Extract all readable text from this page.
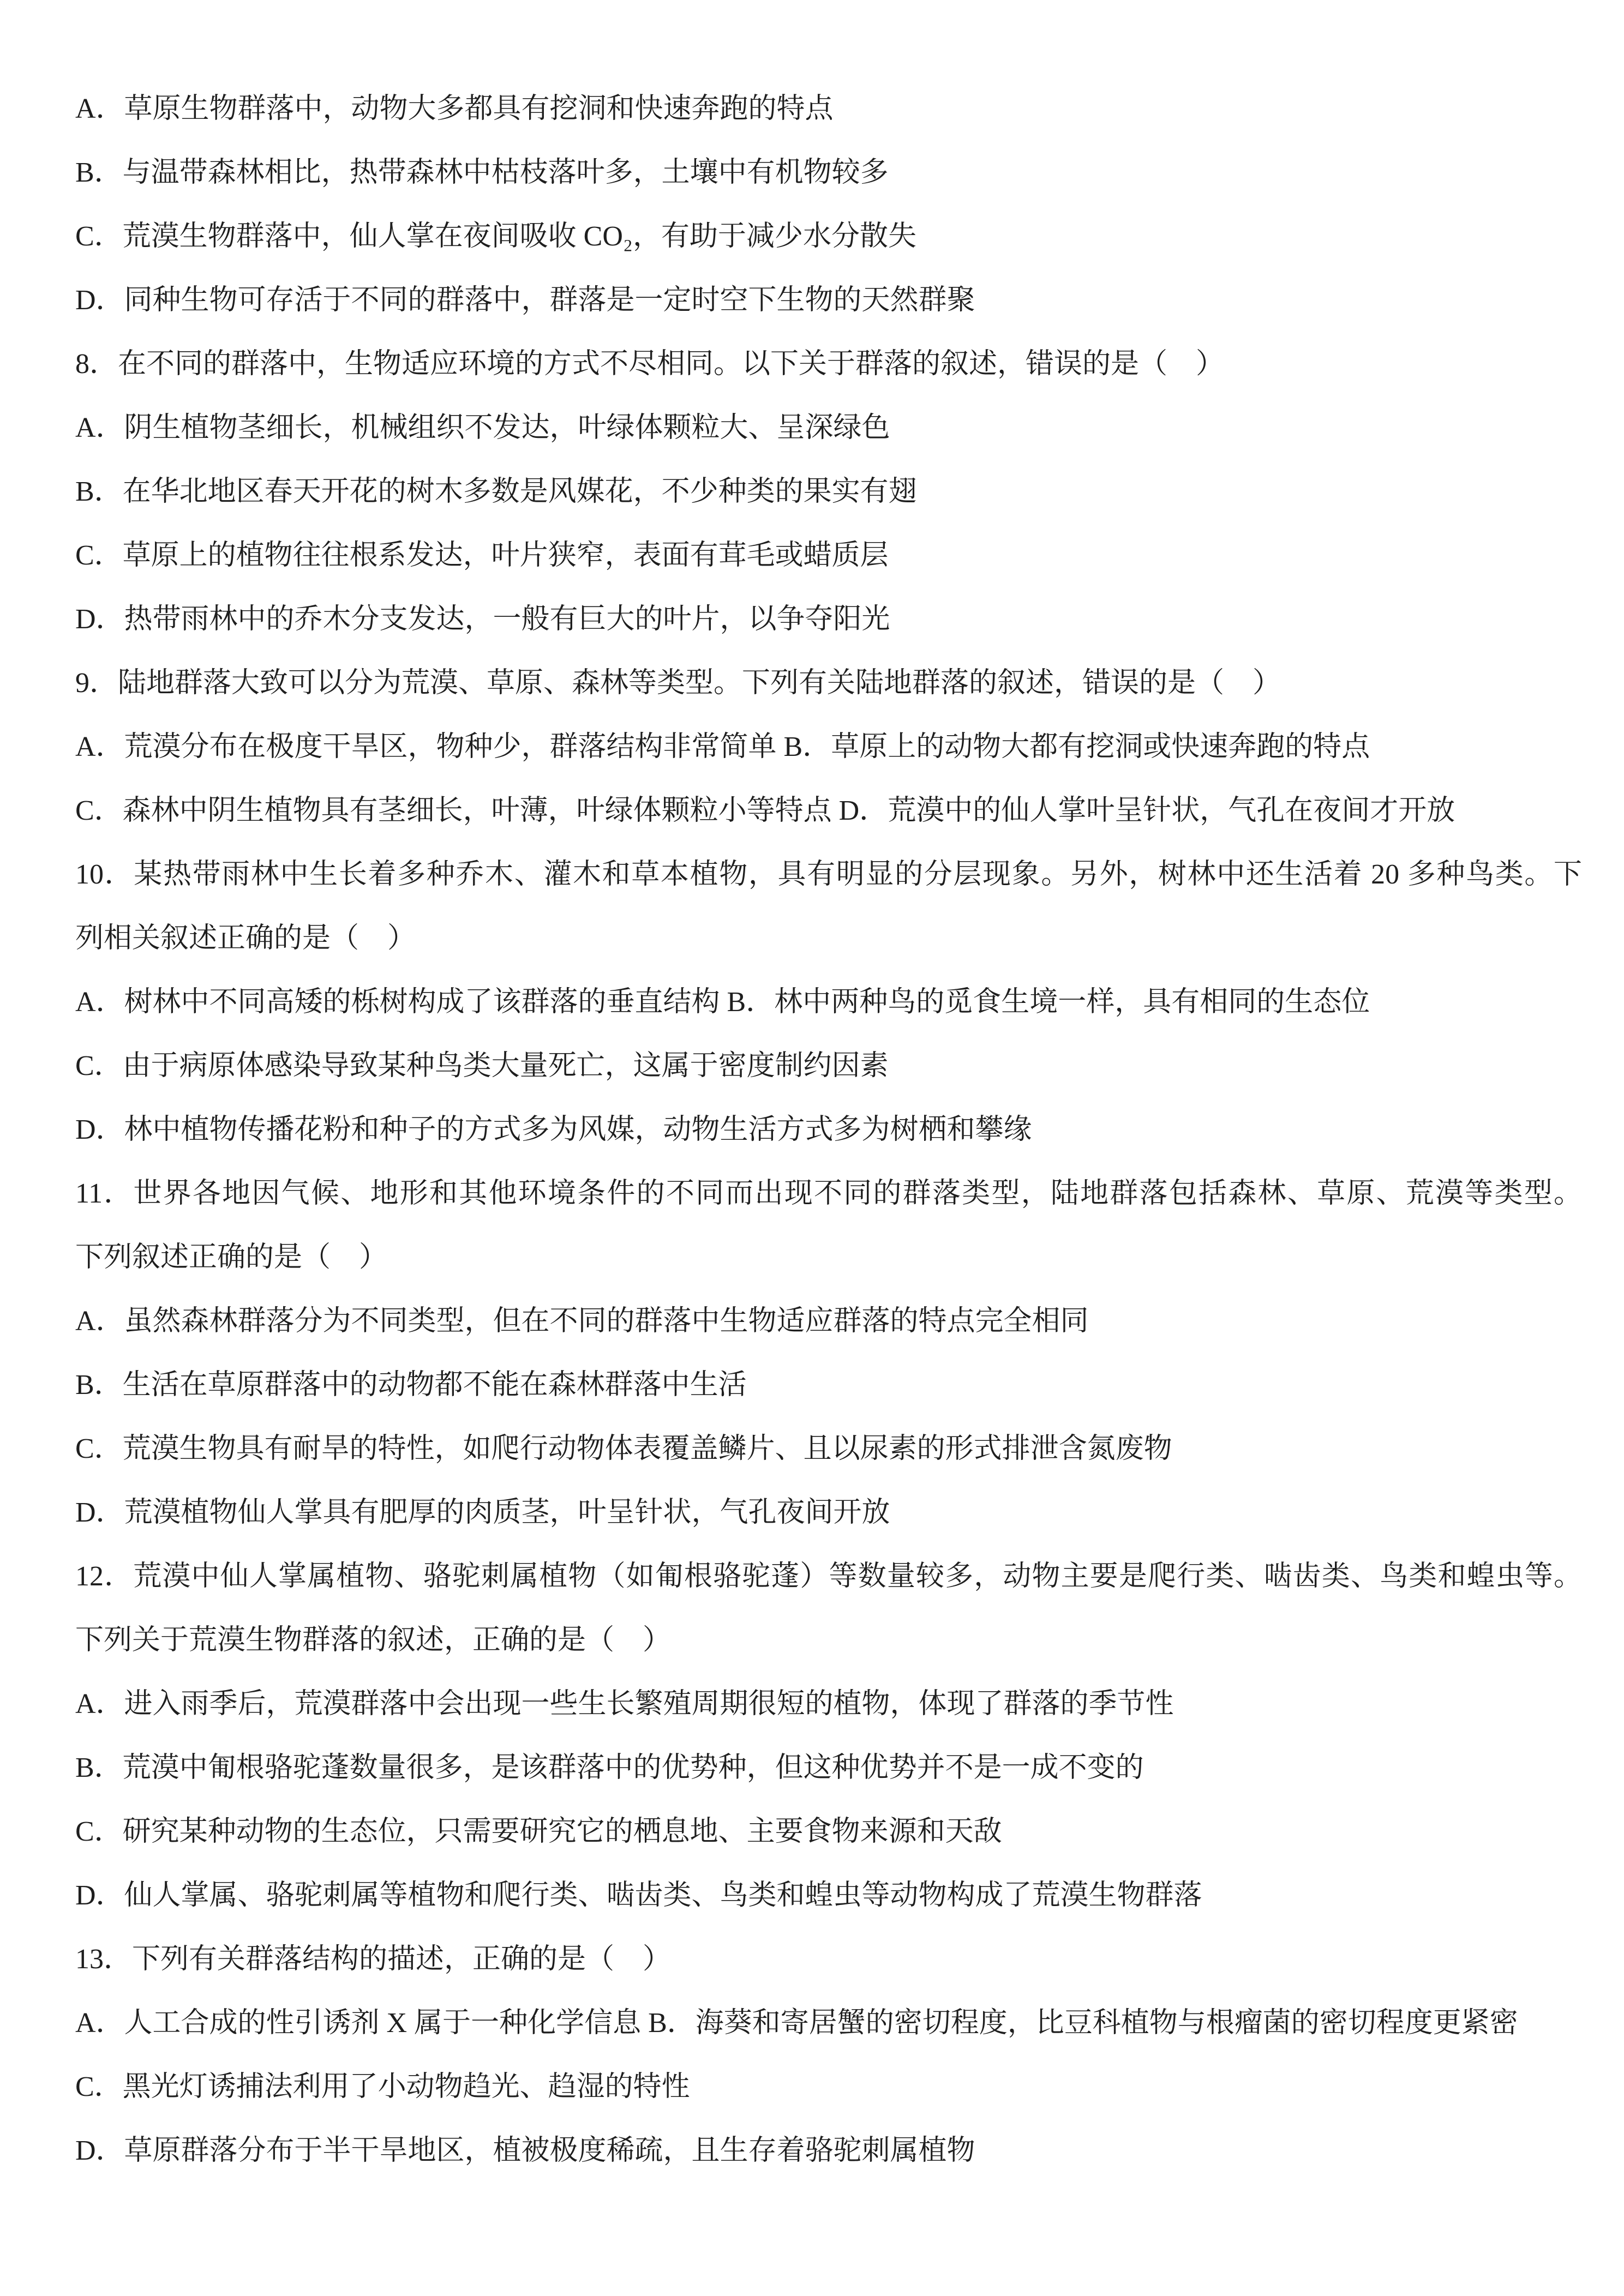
A．草原生物群落中，动物大多都具有挖洞和快速奔跑的特点

B．与温带森林相比，热带森林中枯枝落叶多，土壤中有机物较多

C．荒漠生物群落中，仙人掌在夜间吸收 CO₂，有助于减少水分散失

D．同种生物可存活于不同的群落中，群落是一定时空下生物的天然群聚

8．在不同的群落中，生物适应环境的方式不尽相同。以下关于群落的叙述，错误的是（　）

A．阴生植物茎细长，机械组织不发达，叶绿体颗粒大、呈深绿色

B．在华北地区春天开花的树木多数是风媒花，不少种类的果实有翅

C．草原上的植物往往根系发达，叶片狭窄，表面有茸毛或蜡质层

D．热带雨林中的乔木分支发达，一般有巨大的叶片，以争夺阳光

9．陆地群落大致可以分为荒漠、草原、森林等类型。下列有关陆地群落的叙述，错误的是（　）

A．荒漠分布在极度干旱区，物种少，群落结构非常简单 B．草原上的动物大都有挖洞或快速奔跑的特点

C．森林中阴生植物具有茎细长，叶薄，叶绿体颗粒小等特点 D．荒漠中的仙人掌叶呈针状，气孔在夜间才开放

10．某热带雨林中生长着多种乔木、灌木和草本植物，具有明显的分层现象。另外，树林中还生活着 20 多种鸟类。下

列相关叙述正确的是（　）

A．树林中不同高矮的栎树构成了该群落的垂直结构 B．林中两种鸟的觅食生境一样，具有相同的生态位

C．由于病原体感染导致某种鸟类大量死亡，这属于密度制约因素

D．林中植物传播花粉和种子的方式多为风媒，动物生活方式多为树栖和攀缘

11．世界各地因气候、地形和其他环境条件的不同而出现不同的群落类型，陆地群落包括森林、草原、荒漠等类型。

下列叙述正确的是（　）

A．虽然森林群落分为不同类型，但在不同的群落中生物适应群落的特点完全相同

B．生活在草原群落中的动物都不能在森林群落中生活

C．荒漠生物具有耐旱的特性，如爬行动物体表覆盖鳞片、且以尿素的形式排泄含氮废物

D．荒漠植物仙人掌具有肥厚的肉质茎，叶呈针状，气孔夜间开放

12．荒漠中仙人掌属植物、骆驼刺属植物（如匍根骆驼蓬）等数量较多，动物主要是爬行类、啮齿类、鸟类和蝗虫等。

下列关于荒漠生物群落的叙述，正确的是（　）

A．进入雨季后，荒漠群落中会出现一些生长繁殖周期很短的植物，体现了群落的季节性

B．荒漠中匍根骆驼蓬数量很多，是该群落中的优势种，但这种优势并不是一成不变的

C．研究某种动物的生态位，只需要研究它的栖息地、主要食物来源和天敌

D．仙人掌属、骆驼刺属等植物和爬行类、啮齿类、鸟类和蝗虫等动物构成了荒漠生物群落

13．下列有关群落结构的描述，正确的是（　）

A．人工合成的性引诱剂 X 属于一种化学信息 B．海葵和寄居蟹的密切程度，比豆科植物与根瘤菌的密切程度更紧密

C．黑光灯诱捕法利用了小动物趋光、趋湿的特性

D．草原群落分布于半干旱地区，植被极度稀疏，且生存着骆驼刺属植物
